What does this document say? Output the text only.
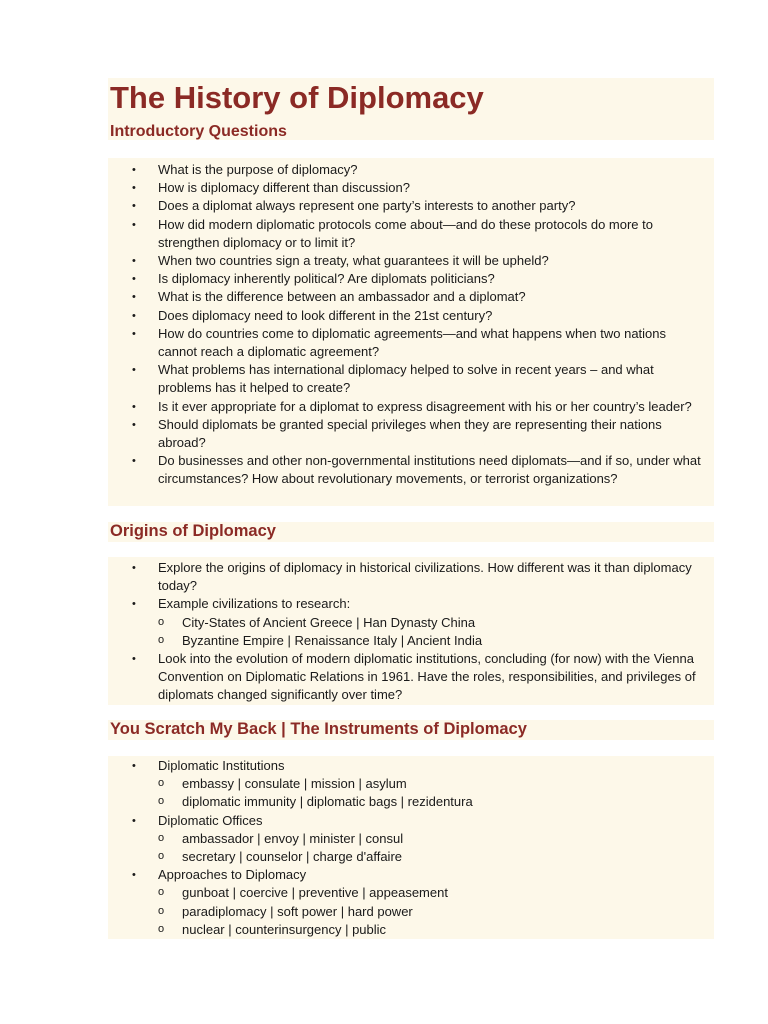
The History of Diplomacy
Introductory Questions
• What is the purpose of diplomacy?
• How is diplomacy different than discussion?
• Does a diplomat always represent one party’s interests to another party?
• How did modern diplomatic protocols come about—and do these protocols do more to strengthen diplomacy or to limit it?
• When two countries sign a treaty, what guarantees it will be upheld?
• Is diplomacy inherently political? Are diplomats politicians?
• What is the difference between an ambassador and a diplomat?
• Does diplomacy need to look different in the 21st century?
• How do countries come to diplomatic agreements—and what happens when two nations cannot reach a diplomatic agreement?
• What problems has international diplomacy helped to solve in recent years – and what problems has it helped to create?
• Is it ever appropriate for a diplomat to express disagreement with his or her country’s leader?
• Should diplomats be granted special privileges when they are representing their nations abroad?
• Do businesses and other non-governmental institutions need diplomats—and if so, under what circumstances? How about revolutionary movements, or terrorist organizations?
Origins of Diplomacy
• Explore the origins of diplomacy in historical civilizations. How different was it than diplomacy today?
• Example civilizations to research:
o City-States of Ancient Greece | Han Dynasty China
o Byzantine Empire | Renaissance Italy | Ancient India
• Look into the evolution of modern diplomatic institutions, concluding (for now) with the Vienna Convention on Diplomatic Relations in 1961. Have the roles, responsibilities, and privileges of diplomats changed significantly over time?
You Scratch My Back | The Instruments of Diplomacy
• Diplomatic Institutions
o embassy | consulate | mission | asylum
o diplomatic immunity | diplomatic bags | rezidentura
• Diplomatic Offices
o ambassador | envoy | minister | consul
o secretary | counselor | charge d'affaire
• Approaches to Diplomacy
o gunboat | coercive | preventive | appeasement
o paradiplomacy | soft power | hard power
o nuclear | counterinsurgency | public
